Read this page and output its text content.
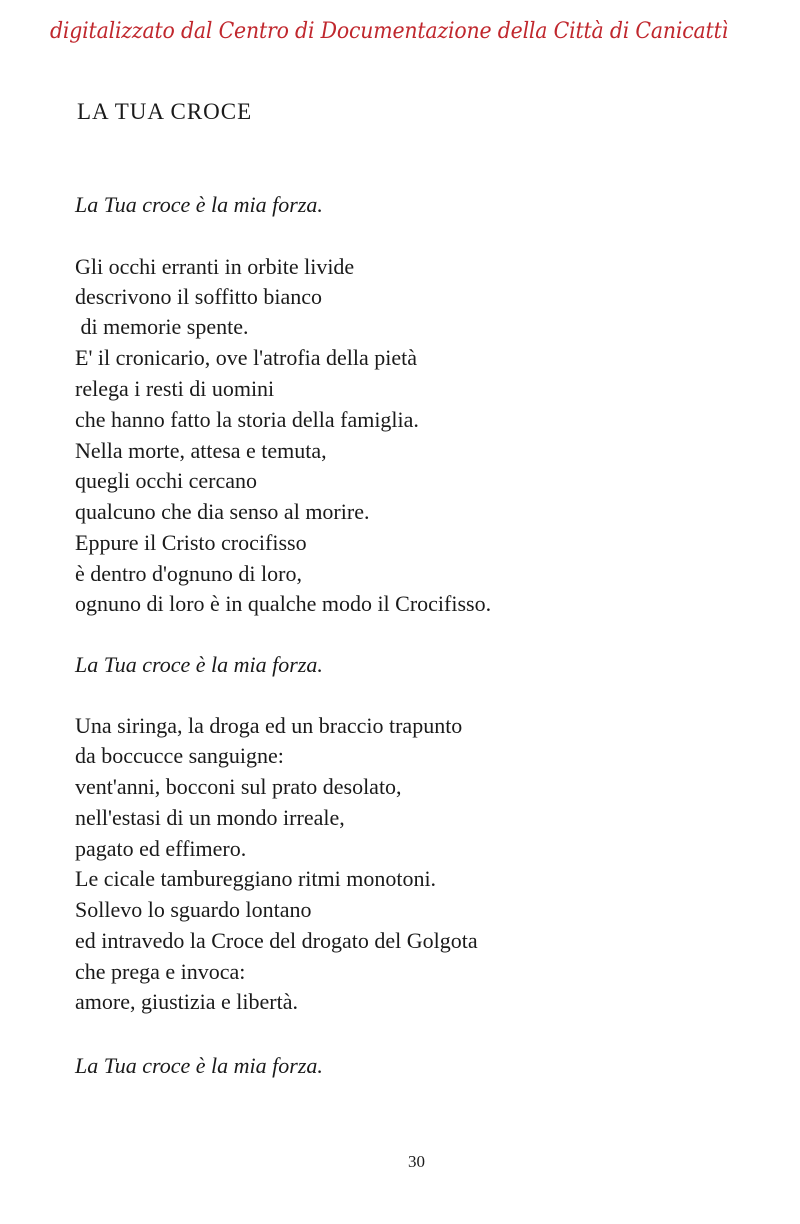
digitalizzato dal Centro di Documentazione della Città di Canicattì
LA TUA CROCE
La Tua croce è la mia forza.
Gli occhi erranti in orbite livide
descrivono il soffitto bianco
di memorie spente.
E' il cronicario, ove l'atrofia della pietà
relega i resti di uomini
che hanno fatto la storia della famiglia.
Nella morte, attesa e temuta,
quegli occhi cercano
qualcuno che dia senso al morire.
Eppure il Cristo crocifisso
è dentro d'ognuno di loro,
ognuno di loro è in qualche modo il Crocifisso.
La Tua croce è la mia forza.
Una siringa, la droga ed un braccio trapunto
da boccucce sanguigne:
vent'anni, bocconi sul prato desolato,
nell'estasi di un mondo irreale,
pagato ed effimero.
Le cicale tambureggiano ritmi monotoni.
Sollevo lo sguardo lontano
ed intravedo la Croce del drogato del Golgota
che prega e invoca:
amore, giustizia e libertà.
La Tua croce è la mia forza.
30
